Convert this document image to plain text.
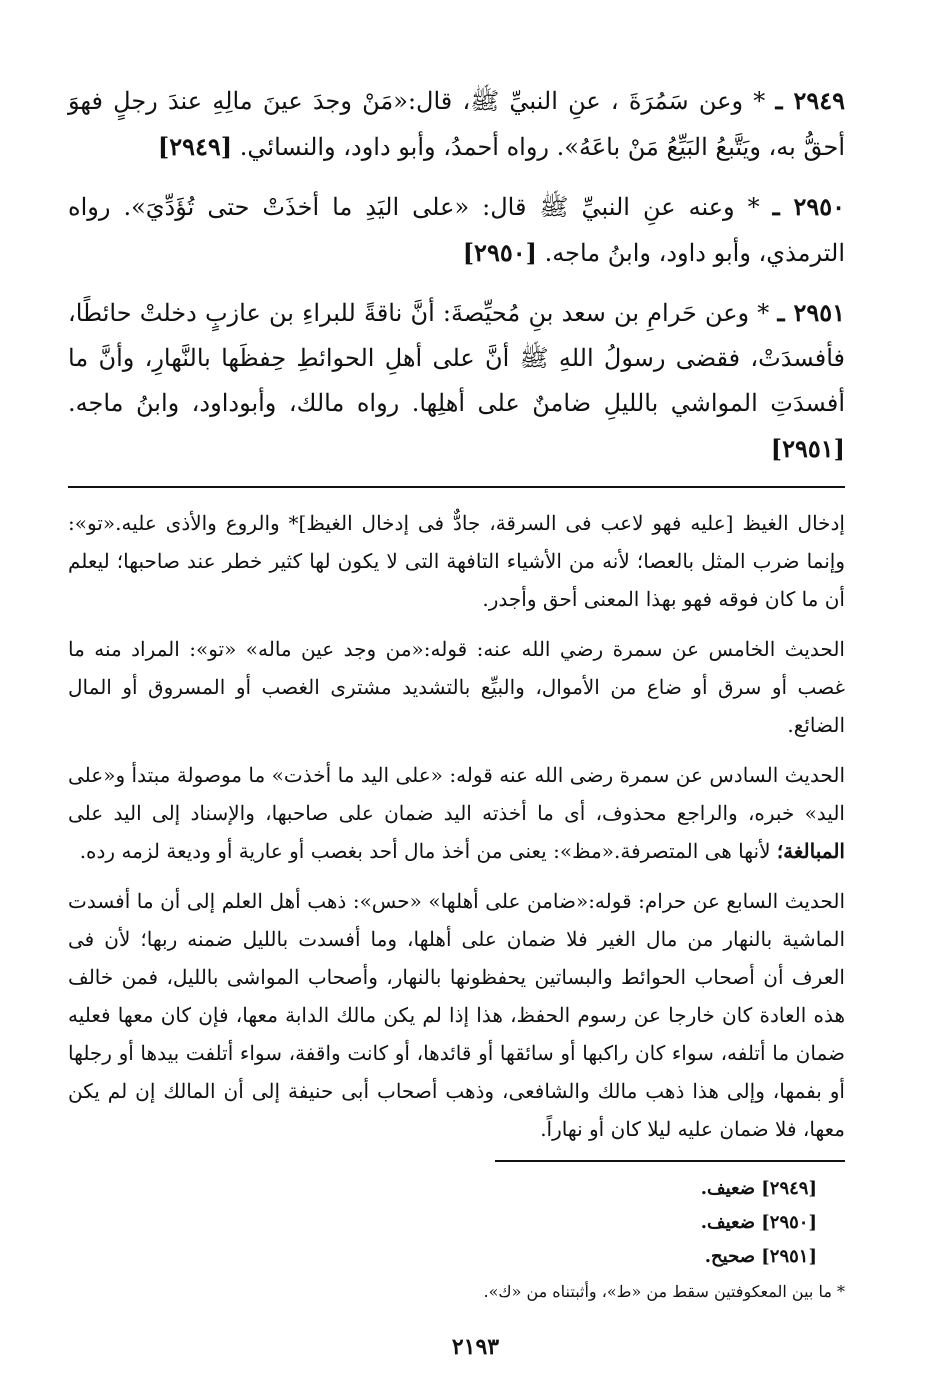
٢٩٤٩ ـ * وعن سَمُرَةَ ، عنِ النبيِّ ﷺ، قال:«مَنْ وجدَ عينَ مالِهِ عندَ رجلٍ فهوَ أحقُّ به، ويَتَّبعُ البَيِّعُ مَنْ باعَهُ». رواه أحمدُ، وأبو داود، والنسائي. [٢٩٤٩]

٢٩٥٠ ـ * وعنه عنِ النبيِّ ﷺ قال: «على اليَدِ ما أخذَتْ حتى تُؤَدِّيَ». رواه الترمذي، وأبو داود، وابنُ ماجه. [٢٩٥٠]

٢٩٥١ ـ * وعن حَرامِ بن سعد بنِ مُحيِّصةَ: أنَّ ناقةً للبراءِ بن عازبٍ دخلتْ حائطًا، فأفسدَتْ، فقضى رسولُ اللهِ ﷺ أنَّ على أهلِ الحوائطِ حِفظَها بالنَّهارِ، وأنَّ ما أفسدَتِ المواشي بالليلِ ضامنٌ على أهلِها. رواه مالك، وأبوداود، وابنُ ماجه. [٢٩٥١]

إدخال الغيظ [عليه فهو لاعب فى السرقة، جادٌّ فى إدخال الغيظ]* والروع والأذى عليه.«تو»: وإنما ضرب المثل بالعصا؛ لأنه من الأشياء التافهة التى لا يكون لها كثير خطر عند صاحبها؛ ليعلم أن ما كان فوقه فهو بهذا المعنى أحق وأجدر.

الحديث الخامس عن سمرة رضي الله عنه: قوله:«من وجد عين ماله» «تو»: المراد منه ما غصب أو سرق أو ضاع من الأموال، والبيِّع بالتشديد مشترى الغصب أو المسروق أو المال الضائع.

الحديث السادس عن سمرة رضى الله عنه قوله: «على اليد ما أخذت» ما موصولة مبتدأ و«على اليد» خبره، والراجع محذوف، أى ما أخذته اليد ضمان على صاحبها، والإسناد إلى اليد على المبالغة؛ لأنها هى المتصرفة.«مظ»: يعنى من أخذ مال أحد بغصب أو عارية أو وديعة لزمه رده.

الحديث السابع عن حرام: قوله:«ضامن على أهلها» «حس»: ذهب أهل العلم إلى أن ما أفسدت الماشية بالنهار من مال الغير فلا ضمان على أهلها، وما أفسدت بالليل ضمنه ربها؛ لأن فى العرف أن أصحاب الحوائط والبساتين يحفظونها بالنهار، وأصحاب المواشى بالليل، فمن خالف هذه العادة كان خارجا عن رسوم الحفظ، هذا إذا لم يكن مالك الدابة معها، فإن كان معها فعليه ضمان ما أتلفه، سواء كان راكبها أو سائقها أو قائدها، أو كانت واقفة، سواء أتلفت بيدها أو رجلها أو بفمها، وإلى هذا ذهب مالك والشافعى، وذهب أصحاب أبى حنيفة إلى أن المالك إن لم يكن معها، فلا ضمان عليه ليلا كان أو نهاراً.

[٢٩٤٩] ضعيف.

[٢٩٥٠] ضعيف.

[٢٩٥١] صحيح.

* ما بين المعكوفتين سقط من «ط»، وأثبتناه من «ك».

٢١٩٣
